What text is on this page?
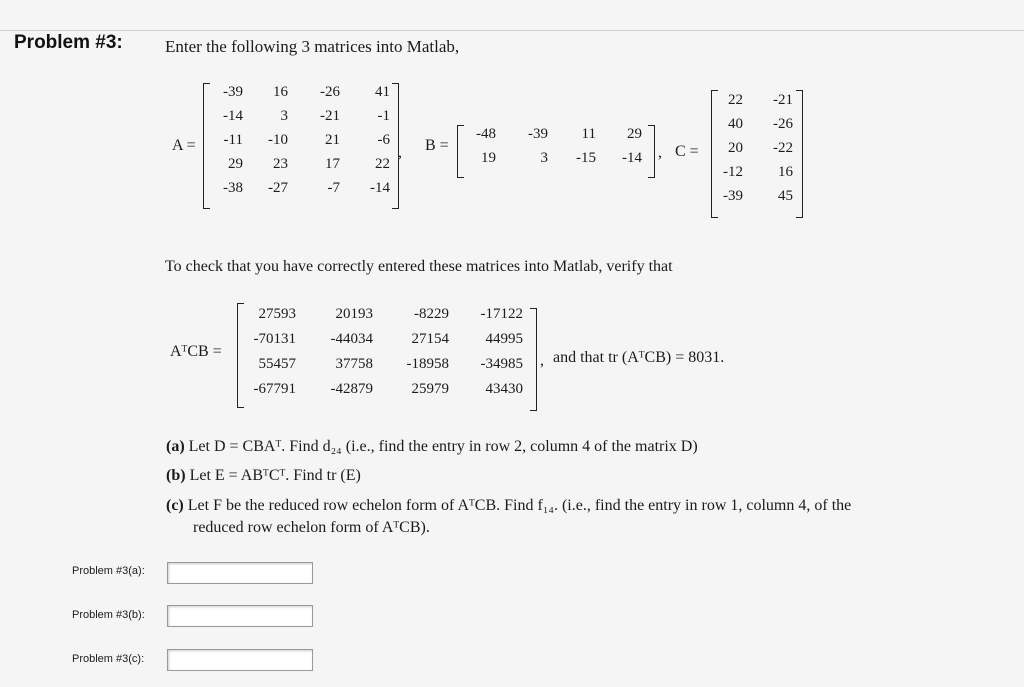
Problem #3: Enter the following 3 matrices into Matlab,
A =
-39	16	-26	41
-14	3	-21	-1
-11	-10	21	-6
29	23	17	22
-38	-27	-7	-14
, B =
-48	-39	11	29
19	3	-15	-14 , C =
22	-21
40	-26
20	-22
-12	16
-39	45
To check that you have correctly entered these matrices into Matlab, verify that
AᵀCB =
27593	20193	-8229	-17122
-70131	-44034	27154	44995
55457	37758	-18958	-34985
-67791	-42879	25979	43430
, and that tr (AᵀCB) = 8031.
(a) Let D = CBAᵀ. Find d₂₄ (i.e., find the entry in row 2, column 4 of the matrix D)
(b) Let E = ABᵀCᵀ. Find tr (E)
(c) Let F be the reduced row echelon form of AᵀCB. Find f₁₄. (i.e., find the entry in row 1, column 4, of the
reduced row echelon form of AᵀCB).
Problem #3(a):
Problem #3(b):
Problem #3(c):
